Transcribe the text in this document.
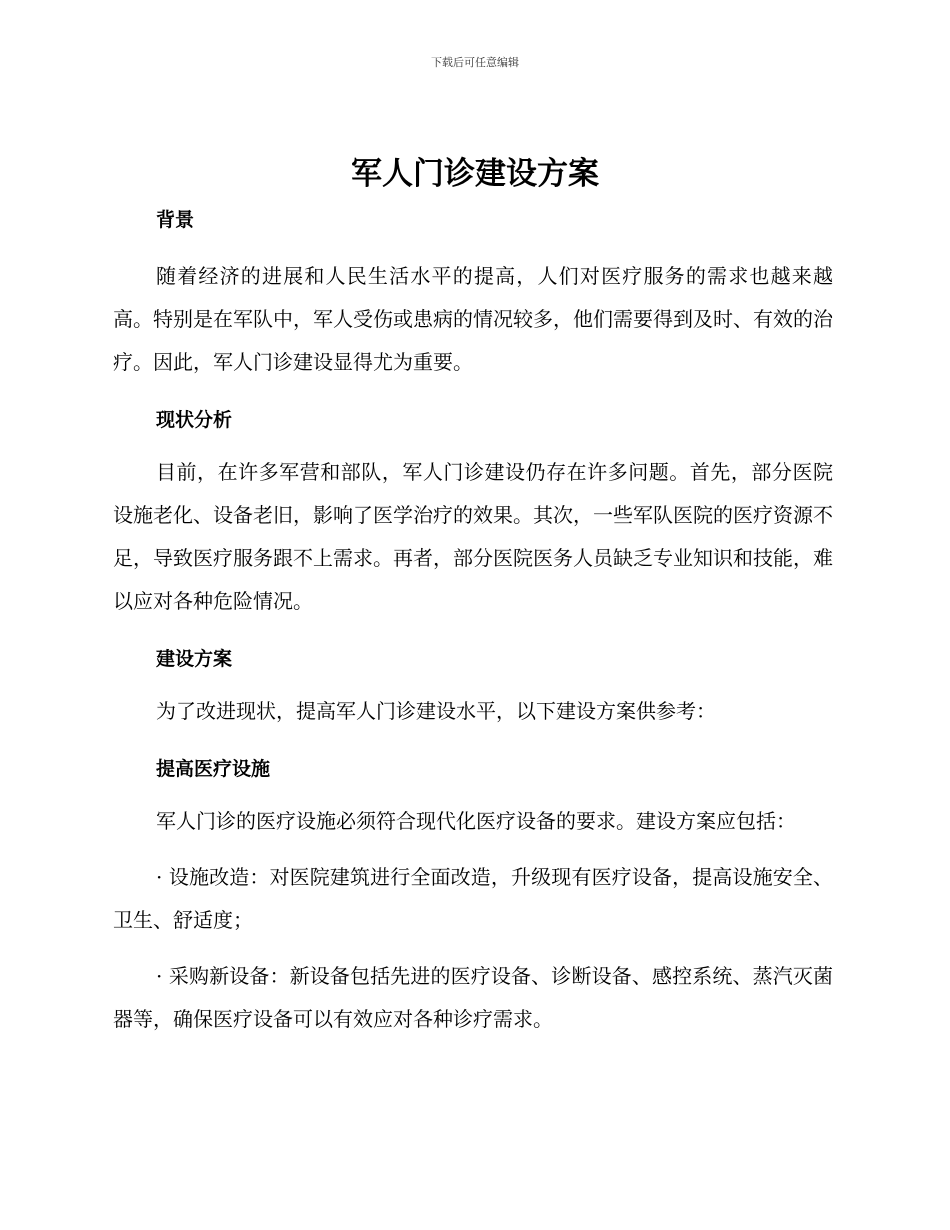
下载后可任意编辑
军人门诊建设方案

背景

随着经济的进展和人民生活水平的提高，人们对医疗服务的需求也越来越高。特别是在军队中，军人受伤或患病的情况较多，他们需要得到及时、有效的治疗。因此，军人门诊建设显得尤为重要。

现状分析

目前，在许多军营和部队，军人门诊建设仍存在许多问题。首先，部分医院设施老化、设备老旧，影响了医学治疗的效果。其次，一些军队医院的医疗资源不足，导致医疗服务跟不上需求。再者，部分医院医务人员缺乏专业知识和技能，难以应对各种危险情况。

建设方案

为了改进现状，提高军人门诊建设水平，以下建设方案供参考：

提高医疗设施

军人门诊的医疗设施必须符合现代化医疗设备的要求。建设方案应包括：

· 设施改造：对医院建筑进行全面改造，升级现有医疗设备，提高设施安全、卫生、舒适度；

· 采购新设备：新设备包括先进的医疗设备、诊断设备、感控系统、蒸汽灭菌器等，确保医疗设备可以有效应对各种诊疗需求。
